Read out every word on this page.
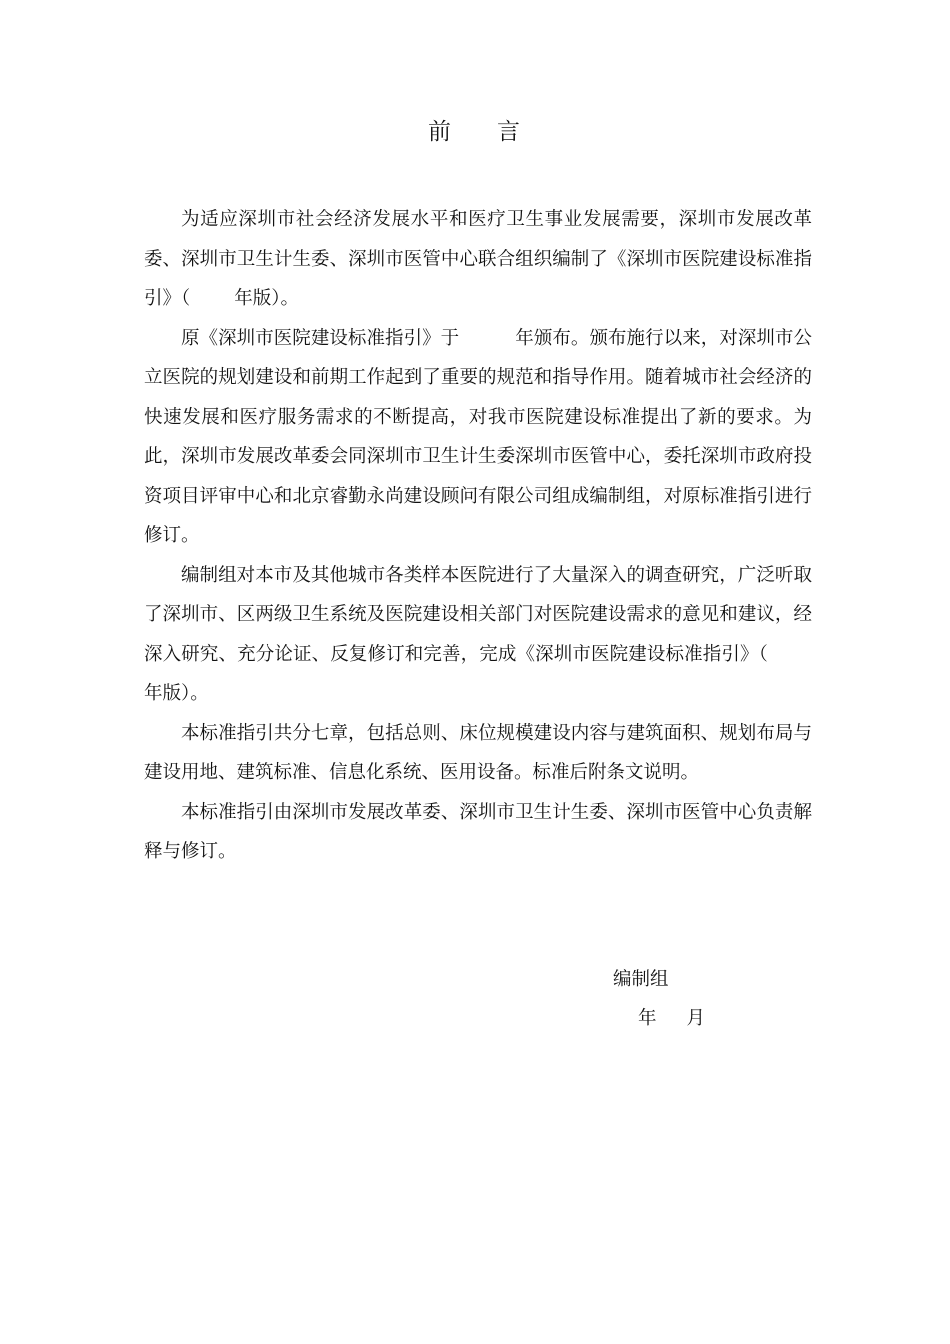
前 言

为适应深圳市社会经济发展水平和医疗卫生事业发展需要，深圳市发展改革委、深圳市卫生计生委、深圳市医管中心联合组织编制了《深圳市医院建设标准指引》（ 年版）。

原《深圳市医院建设标准指引》于	年颁布。颁布施行以来，对深圳市公立医院的规划建设和前期工作起到了重要的规范和指导作用。随着城市社会经济的快速发展和医疗服务需求的不断提高，对我市医院建设标准提出了新的要求。为此，深圳市发展改革委会同深圳市卫生计生委深圳市医管中心，委托深圳市政府投资项目评审中心和北京睿勤永尚建设顾问有限公司组成编制组，对原标准指引进行修订。

编制组对本市及其他城市各类样本医院进行了大量深入的调查研究，广泛听取了深圳市、区两级卫生系统及医院建设相关部门对医院建设需求的意见和建议，经深入研究、充分论证、反复修订和完善，完成《深圳市医院建设标准指引》（年版）。

本标准指引共分七章，包括总则、床位规模建设内容与建筑面积、规划布局与建设用地、建筑标准、信息化系统、医用设备。标准后附条文说明。

本标准指引由深圳市发展改革委、深圳市卫生计生委、深圳市医管中心负责解释与修订。

编制组
年 月
